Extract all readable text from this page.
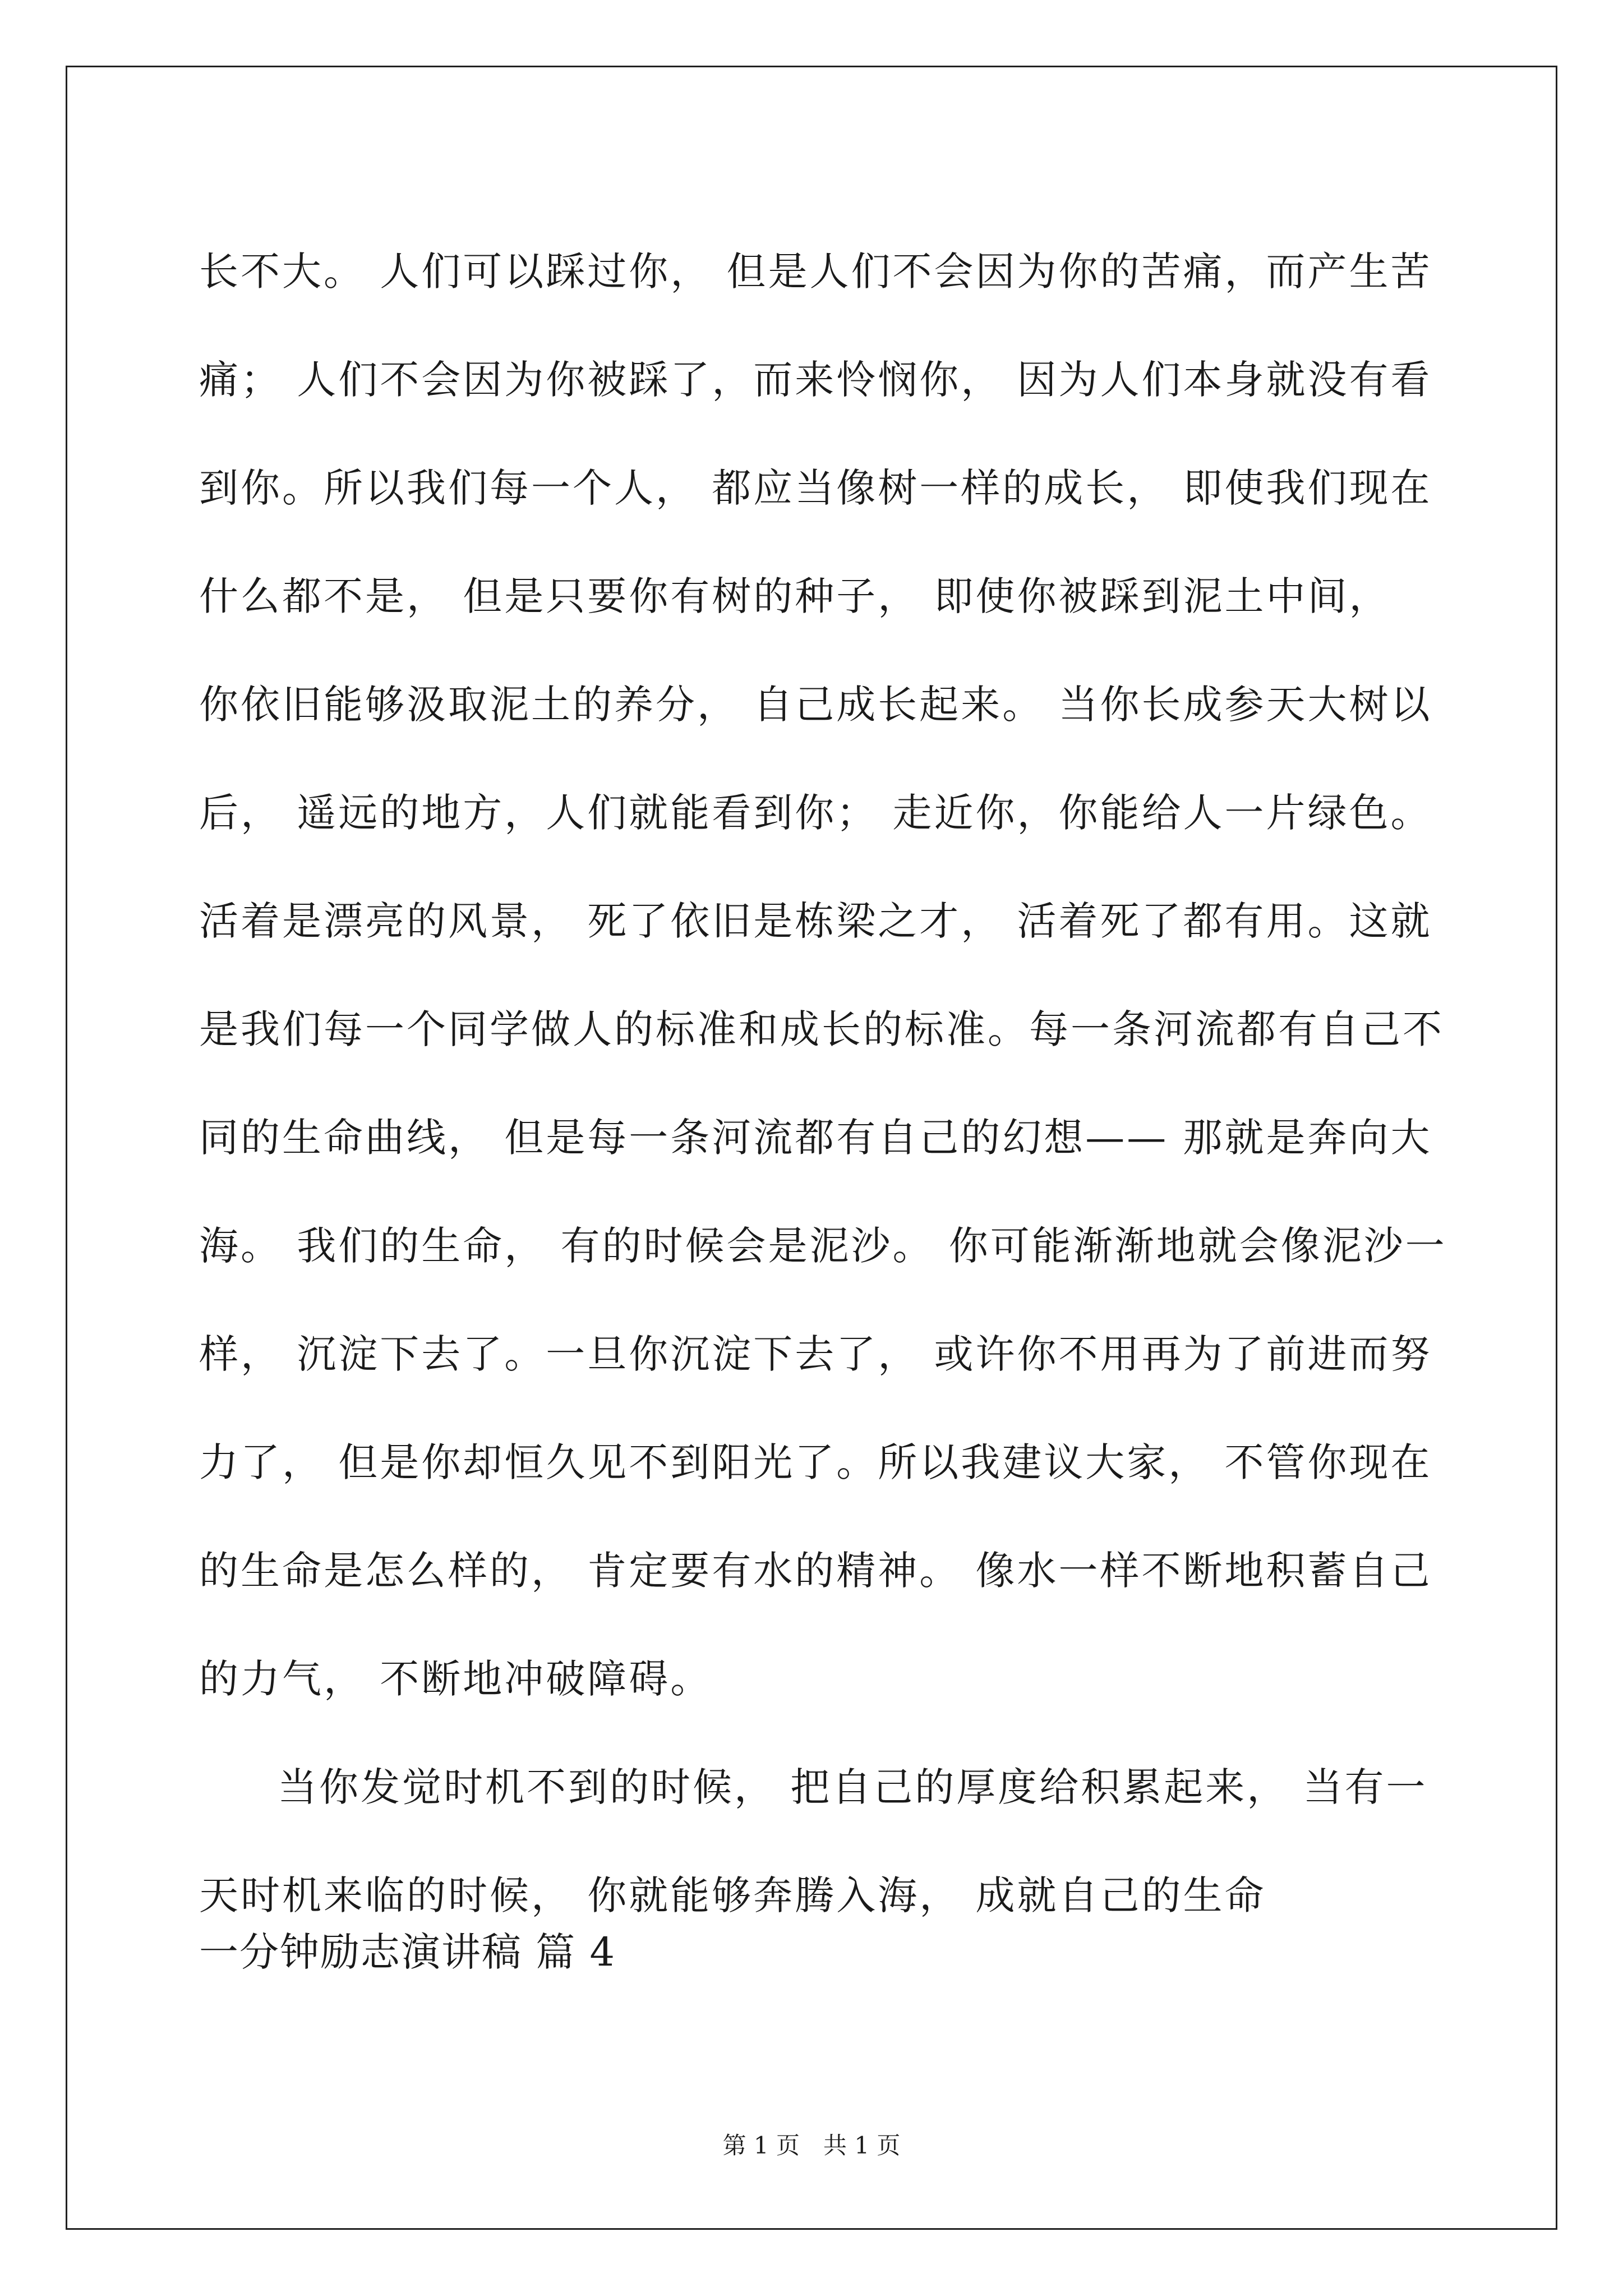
长不大。 人们可以踩过你， 但是人们不会因为你的苦痛，而产生苦
痛； 人们不会因为你被踩了，而来怜悯你， 因为人们本身就没有看
到你。所以我们每一个人， 都应当像树一样的成长， 即使我们现在
什么都不是， 但是只要你有树的种子， 即使你被踩到泥土中间，
你依旧能够汲取泥土的养分， 自己成长起来。 当你长成参天大树以
后， 遥远的地方，人们就能看到你； 走近你，你能给人一片绿色。
活着是漂亮的风景， 死了依旧是栋梁之才， 活着死了都有用。这就
是我们每一个同学做人的标准和成长的标准。每一条河流都有自己不
同的生命曲线， 但是每一条河流都有自己的幻想—— 那就是奔向大
海。 我们的生命， 有的时候会是泥沙。 你可能渐渐地就会像泥沙一
样， 沉淀下去了。一旦你沉淀下去了， 或许你不用再为了前进而努
力了， 但是你却恒久见不到阳光了。所以我建议大家， 不管你现在
的生命是怎么样的， 肯定要有水的精神。 像水一样不断地积蓄自己
的力气， 不断地冲破障碍。
当你发觉时机不到的时候， 把自己的厚度给积累起来， 当有一
天时机来临的时候， 你就能够奔腾入海， 成就自己的生命
一分钟励志演讲稿 篇 4
第 1 页　共 1 页
